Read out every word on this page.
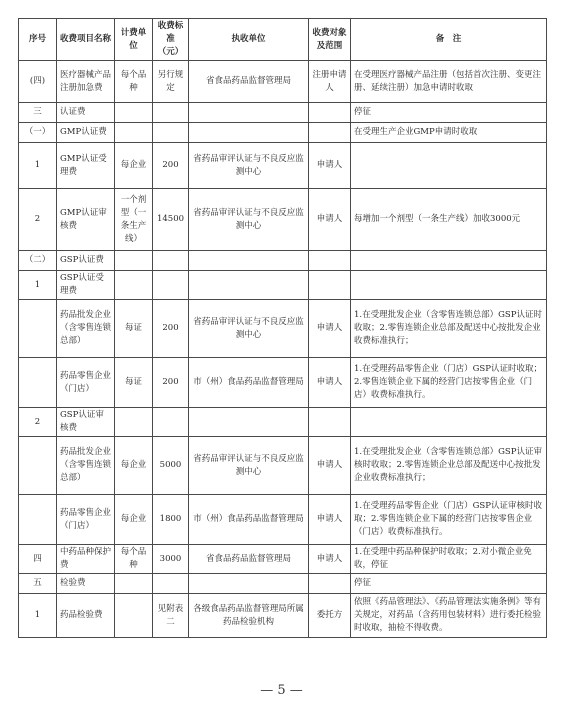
序号	收费项目名称	计费单位	收费标准（元）	执收单位	收费对象及范围	备　注
(四)	医疗器械产品注册加急费	每个品种	另行规定	省食品药品监督管理局	注册申请人	在受理医疗器械产品注册（包括首次注册、变更注册、延续注册）加急申请时收取
三	认证费					停征
（一）	GMP认证费					在受理生产企业GMP申请时收取
1	GMP认证受理费	每企业	200	省药品审评认证与不良反应监测中心	申请人	
2	GMP认证审核费	一个剂型（一条生产线）	14500	省药品审评认证与不良反应监测中心	申请人	每增加一个剂型（一条生产线）加收3000元
（二）	GSP认证费					
1	GSP认证受理费					
	药品批发企业（含零售连锁总部）	每证	200	省药品审评认证与不良反应监测中心	申请人	1.在受理批发企业（含零售连锁总部）GSP认证时收取；2.零售连锁企业总部及配送中心按批发企业收费标准执行；
	药品零售企业（门店）	每证	200	市（州）食品药品监督管理局	申请人	1.在受理药品零售企业（门店）GSP认证时收取；2.零售连锁企业下属的经营门店按零售企业（门店）收费标准执行。
2	GSP认证审核费					
	药品批发企业（含零售连锁总部）	每企业	5000	省药品审评认证与不良反应监测中心	申请人	1.在受理批发企业（含零售连锁总部）GSP认证审核时收取；2.零售连锁企业总部及配送中心按批发企业收费标准执行；
	药品零售企业（门店）	每企业	1800	市（州）食品药品监督管理局	申请人	1.在受理药品零售企业（门店）GSP认证审核时收取；2.零售连锁企业下属的经营门店按零售企业（门店）收费标准执行。
四	中药品种保护费	每个品种	3000	省食品药品监督管理局	申请人	1.在受理中药品种保护时收取；2.对小微企业免收，停征
五	检验费					停征
1	药品检验费		见附表二	各级食品药品监督管理局所属药品检验机构	委托方	依照《药品管理法》、《药品管理法实施条例》等有关规定，对药品（含药用包装材料）进行委托检验时收取，抽检不得收费。
— 5 —
